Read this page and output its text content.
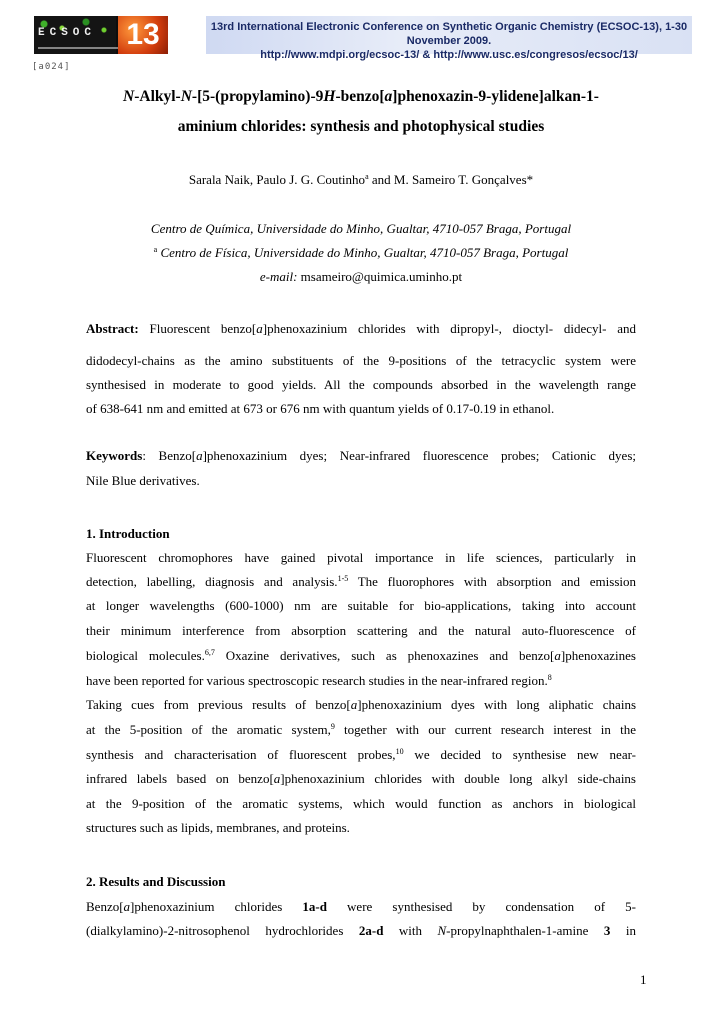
ECSOC 13	13rd International Electronic Conference on Synthetic Organic Chemistry (ECSOC-13), 1-30 November 2009.
http://www.mdpi.org/ecsoc-13/ & http://www.usc.es/congresos/ecsoc/13/
[a024]
N-Alkyl-N-[5-(propylamino)-9H-benzo[a]phenoxazin-9-ylidene]alkan-1-
aminium chlorides: synthesis and photophysical studies
Sarala Naik, Paulo J. G. Coutinho$^a$ and M. Sameiro T. Gonçalves*
Centro de Química, Universidade do Minho, Gualtar, 4710-057 Braga, Portugal
$^a$ Centro de Física, Universidade do Minho, Gualtar, 4710-057 Braga, Portugal
e-mail: msameiro@quimica.uminho.pt
Abstract: Fluorescent benzo[a]phenoxazinium chlorides with dipropyl-, dioctyl- didecyl- and
didodecyl-chains as the amino substituents of the 9-positions of the tetracyclic system were
synthesised in moderate to good yields. All the compounds absorbed in the wavelength range
of 638-641 nm and emitted at 673 or 676 nm with quantum yields of 0.17-0.19 in ethanol.
Keywords: Benzo[a]phenoxazinium dyes; Near-infrared fluorescence probes; Cationic dyes;
Nile Blue derivatives.
1. Introduction
Fluorescent chromophores have gained pivotal importance in life sciences, particularly in
detection, labelling, diagnosis and analysis.$^{1-5}$ The fluorophores with absorption and emission
at longer wavelengths (600-1000) nm are suitable for bio-applications, taking into account
their minimum interference from absorption scattering and the natural auto-fluorescence of
biological molecules.$^{6,7}$ Oxazine derivatives, such as phenoxazines and benzo[a]phenoxazines
have been reported for various spectroscopic research studies in the near-infrared region.$^8$
Taking cues from previous results of benzo[a]phenoxazinium dyes with long aliphatic chains
at the 5-position of the aromatic system,$^9$ together with our current research interest in the
synthesis and characterisation of fluorescent probes,$^{10}$ we decided to synthesise new near-
infrared labels based on benzo[a]phenoxazinium chlorides with double long alkyl side-chains
at the 9-position of the aromatic systems, which would function as anchors in biological
structures such as lipids, membranes, and proteins.
2. Results and Discussion
Benzo[a]phenoxazinium chlorides 1a-d were synthesised by condensation of 5-
(dialkylamino)-2-nitrosophenol hydrochlorides 2a-d with N-propylnaphthalen-1-amine 3 in
1
